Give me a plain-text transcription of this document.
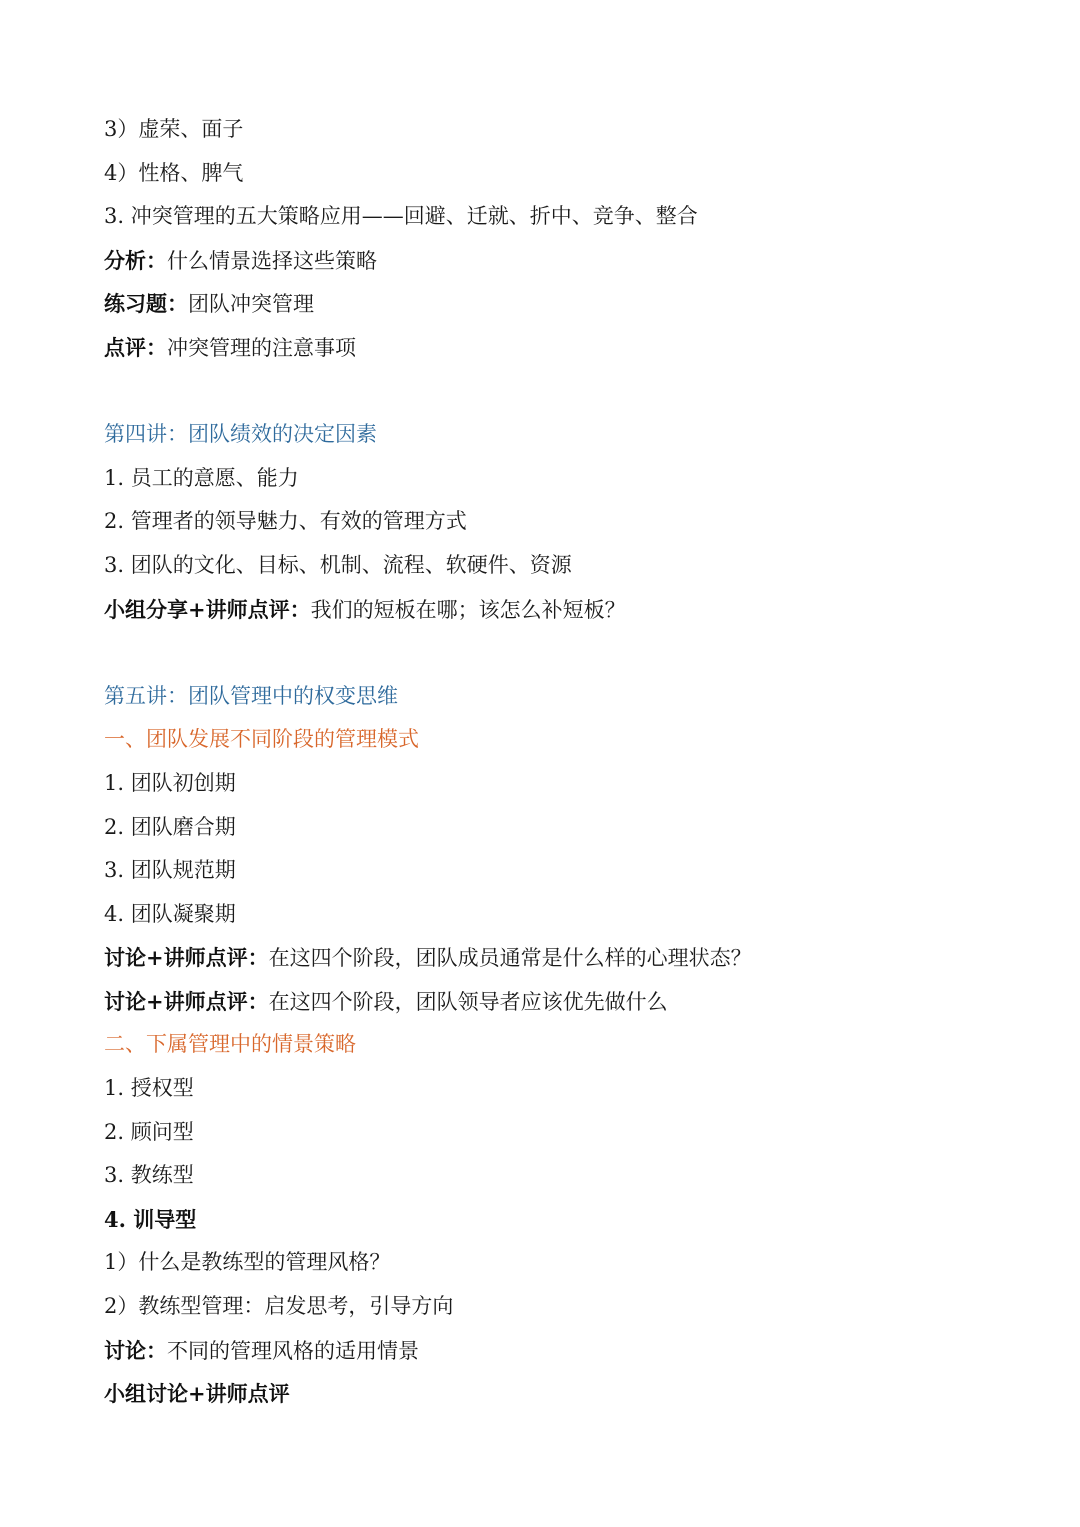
3）虚荣、面子
4）性格、脾气
3. 冲突管理的五大策略应用——回避、迁就、折中、竞争、整合
分析：什么情景选择这些策略
练习题：团队冲突管理
点评：冲突管理的注意事项
第四讲：团队绩效的决定因素
1. 员工的意愿、能力
2. 管理者的领导魅力、有效的管理方式
3. 团队的文化、目标、机制、流程、软硬件、资源
小组分享+讲师点评：我们的短板在哪；该怎么补短板？
第五讲：团队管理中的权变思维
一、团队发展不同阶段的管理模式
1. 团队初创期
2. 团队磨合期
3. 团队规范期
4. 团队凝聚期
讨论+讲师点评：在这四个阶段，团队成员通常是什么样的心理状态？
讨论+讲师点评：在这四个阶段，团队领导者应该优先做什么
二、下属管理中的情景策略
1. 授权型
2. 顾问型
3. 教练型
4. 训导型
1）什么是教练型的管理风格？
2）教练型管理：启发思考，引导方向
讨论：不同的管理风格的适用情景
小组讨论+讲师点评
